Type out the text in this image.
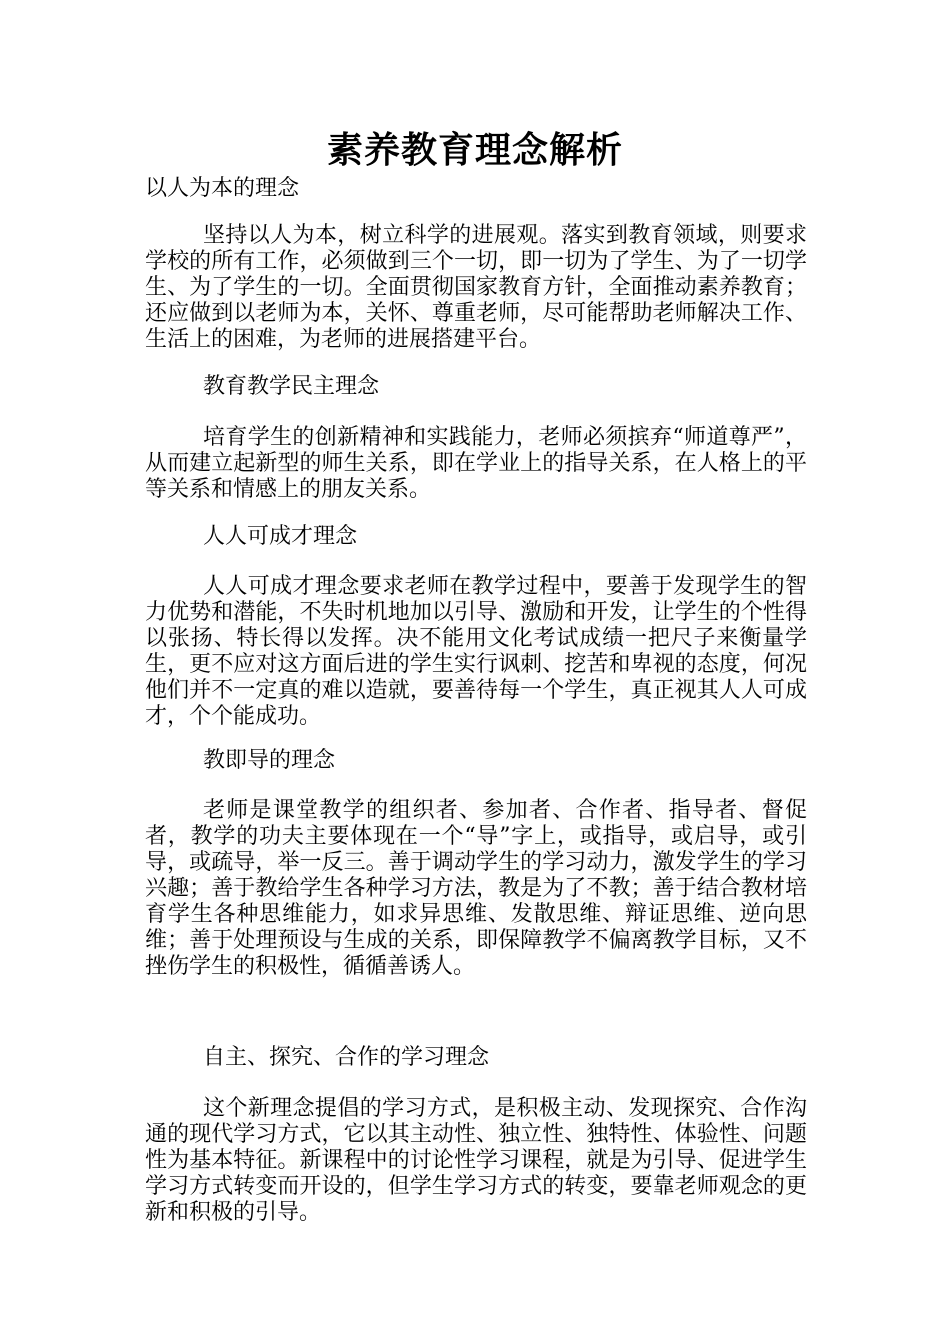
素养教育理念解析
以人为本的理念
坚持以人为本，树立科学的进展观。落实到教育领域，则要求学校的所有工作，必须做到三个一切，即一切为了学生、为了一切学生、为了学生的一切。全面贯彻国家教育方针，全面推动素养教育；还应做到以老师为本，关怀、尊重老师，尽可能帮助老师解决工作、生活上的困难，为老师的进展搭建平台。
教育教学民主理念
培育学生的创新精神和实践能力，老师必须摈弃“师道尊严”，从而建立起新型的师生关系，即在学业上的指导关系，在人格上的平等关系和情感上的朋友关系。
人人可成才理念
人人可成才理念要求老师在教学过程中，要善于发现学生的智力优势和潜能，不失时机地加以引导、激励和开发，让学生的个性得以张扬、特长得以发挥。决不能用文化考试成绩一把尺子来衡量学生，更不应对这方面后进的学生实行讽刺、挖苦和卑视的态度，何况他们并不一定真的难以造就，要善待每一个学生，真正视其人人可成才，个个能成功。
教即导的理念
老师是课堂教学的组织者、参加者、合作者、指导者、督促者，教学的功夫主要体现在一个“导”字上，或指导，或启导，或引导，或疏导，举一反三。善于调动学生的学习动力，激发学生的学习兴趣；善于教给学生各种学习方法，教是为了不教；善于结合教材培育学生各种思维能力，如求异思维、发散思维、辩证思维、逆向思维；善于处理预设与生成的关系，即保障教学不偏离教学目标，又不挫伤学生的积极性，循循善诱人。
自主、探究、合作的学习理念
这个新理念提倡的学习方式，是积极主动、发现探究、合作沟通的现代学习方式，它以其主动性、独立性、独特性、体验性、问题性为基本特征。新课程中的讨论性学习课程，就是为引导、促进学生学习方式转变而开设的，但学生学习方式的转变，要靠老师观念的更新和积极的引导。
